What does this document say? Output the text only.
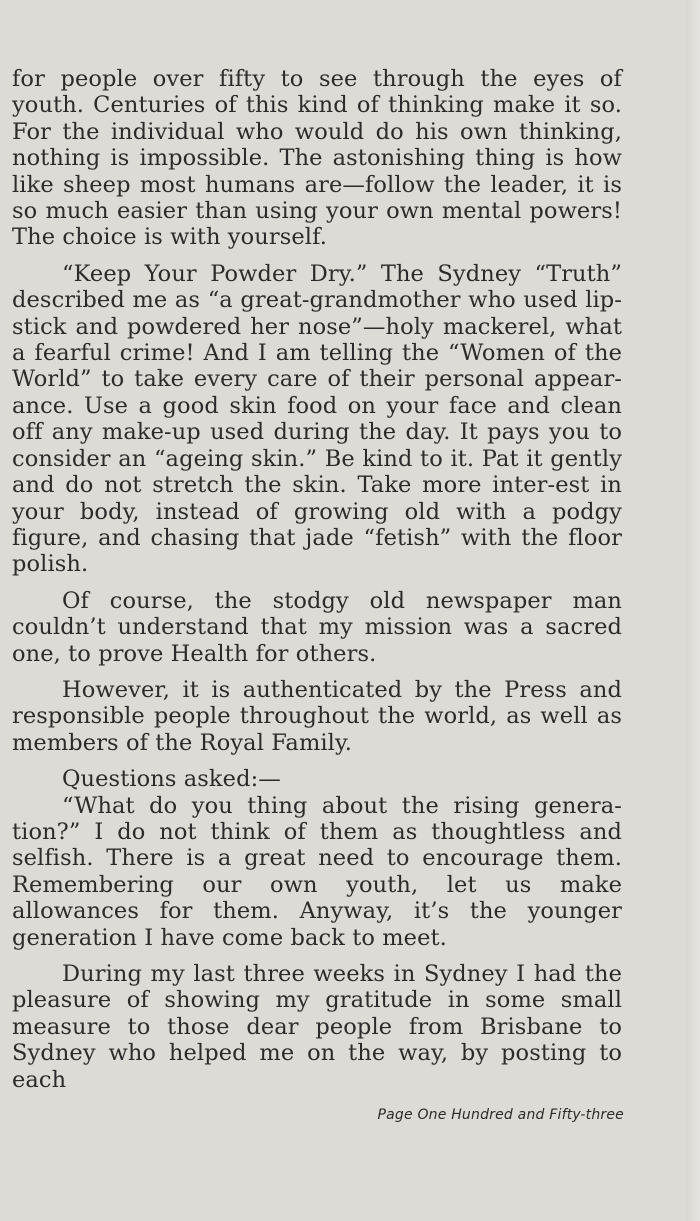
for people over fifty to see through the eyes of youth. Centuries of this kind of thinking make it so. For the individual who would do his own thinking, nothing is impossible. The astonishing thing is how like sheep most humans are—follow the leader, it is so much easier than using your own mental powers! The choice is with yourself.

“Keep Your Powder Dry.” The Sydney “Truth” described me as “a great-grandmother who used lip-stick and powdered her nose”—holy mackerel, what a fearful crime! And I am telling the “Women of the World” to take every care of their personal appear-ance. Use a good skin food on your face and clean off any make-up used during the day. It pays you to consider an “ageing skin.” Be kind to it. Pat it gently and do not stretch the skin. Take more inter-est in your body, instead of growing old with a podgy figure, and chasing that jade “fetish” with the floor polish.

Of course, the stodgy old newspaper man couldn’t understand that my mission was a sacred one, to prove Health for others.

However, it is authenticated by the Press and responsible people throughout the world, as well as members of the Royal Family.

Questions asked:—

“What do you thing about the rising genera-tion?” I do not think of them as thoughtless and selfish. There is a great need to encourage them. Remembering our own youth, let us make allowances for them. Anyway, it’s the younger generation I have come back to meet.

During my last three weeks in Sydney I had the pleasure of showing my gratitude in some small measure to those dear people from Brisbane to Sydney who helped me on the way, by posting to each

Page One Hundred and Fifty-three
